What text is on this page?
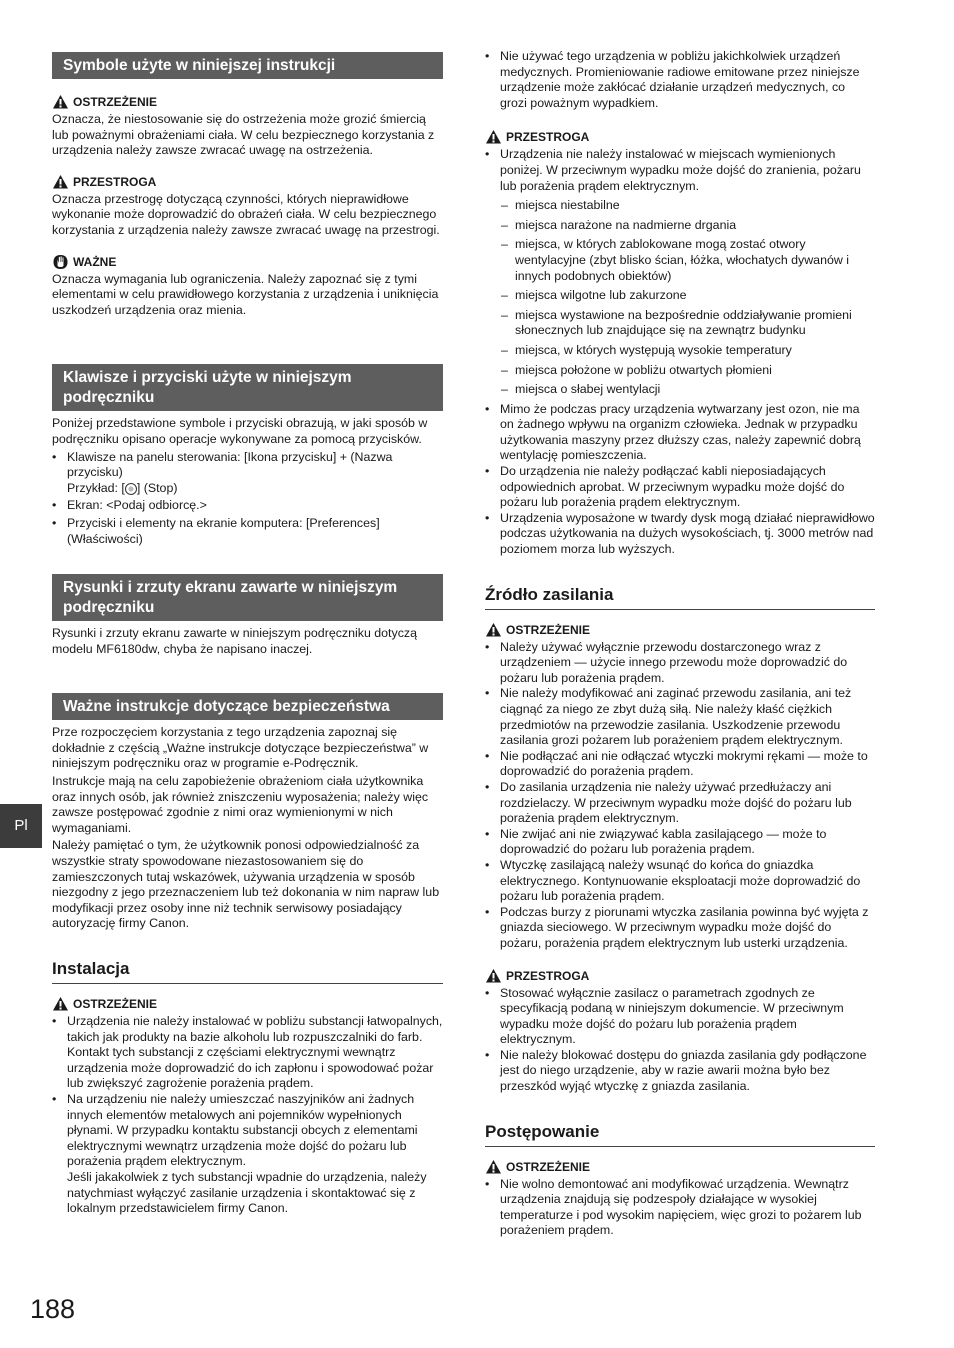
Pl
188
Symbole użyte w niniejszej instrukcji
OSTRZEŻENIE

Oznacza, że niestosowanie się do ostrzeżenia może grozić śmiercią lub poważnymi obrażeniami ciała. W celu bezpiecznego korzystania z urządzenia należy zawsze zwracać uwagę na ostrzeżenia.

PRZESTROGA

Oznacza przestrogę dotyczącą czynności, których nieprawidłowe wykonanie może doprowadzić do obrażeń ciała. W celu bezpiecznego korzystania z urządzenia należy zawsze zwracać uwagę na przestrogi.

WAŻNE

Oznacza wymagania lub ograniczenia. Należy zapoznać się z tymi elementami w celu prawidłowego korzystania z urządzenia i uniknięcia uszkodzeń urządzenia oraz mienia.

Klawisze i przyciski użyte w niniejszym podręczniku

Poniżej przedstawione symbole i przyciski obrazują, w jaki sposób w podręczniku opisano operacje wykonywane za pomocą przycisków.

• Klawisze na panelu sterowania: [Ikona przycisku] + (Nazwa przycisku)
Przykład: [ ] (Stop)
• Ekran: <Podaj odbiorcę.>
• Przyciski i elementy na ekranie komputera: [Preferences] (Właściwości)
Rysunki i zrzuty ekranu zawarte w niniejszym podręczniku

Rysunki i zrzuty ekranu zawarte w niniejszym podręczniku dotyczą modelu MF6180dw, chyba że napisano inaczej.

Ważne instrukcje dotyczące bezpieczeństwa

Prze rozpoczęciem korzystania z tego urządzenia zapoznaj się dokładnie z częścią „Ważne instrukcje dotyczące bezpieczeństwa” w niniejszym podręczniku oraz w programie e-Podręcznik.

Instrukcje mają na celu zapobieżenie obrażeniom ciała użytkownika oraz innych osób, jak również zniszczeniu wyposażenia; należy więc zawsze postępować zgodnie z nimi oraz wymienionymi w nich wymaganiami.

Należy pamiętać o tym, że użytkownik ponosi odpowiedzialność za wszystkie straty spowodowane niezastosowaniem się do zamieszczonych tutaj wskazówek, używania urządzenia w sposób niezgodny z jego przeznaczeniem lub też dokonania w nim napraw lub modyfikacji przez osoby inne niż technik serwisowy posiadający autoryzację firmy Canon.

Instalacja
OSTRZEŻENIE
• Urządzenia nie należy instalować w pobliżu substancji łatwopalnych, takich jak produkty na bazie alkoholu lub rozpuszczalniki do farb. Kontakt tych substancji z częściami elektrycznymi wewnątrz urządzenia może doprowadzić do ich zapłonu i spowodować pożar lub zwiększyć zagrożenie porażenia prądem.
• Na urządzeniu nie należy umieszczać naszyjników ani żadnych innych elementów metalowych ani pojemników wypełnionych płynami. W przypadku kontaktu substancji obcych z elementami elektrycznymi wewnątrz urządzenia może dojść do pożaru lub porażenia prądem elektrycznym.
Jeśli jakakolwiek z tych substancji wpadnie do urządzenia, należy natychmiast wyłączyć zasilanie urządzenia i skontaktować się z lokalnym przedstawicielem firmy Canon.
• Nie używać tego urządzenia w pobliżu jakichkolwiek urządzeń medycznych. Promieniowanie radiowe emitowane przez niniejsze urządzenie może zakłócać działanie urządzeń medycznych, co grozi poważnym wypadkiem.
PRZESTROGA
• Urządzenia nie należy instalować w miejscach wymienionych poniżej. W przeciwnym wypadku może dojść do zranienia, pożaru lub porażenia prądem elektrycznym.
– miejsca niestabilne
– miejsca narażone na nadmierne drgania
– miejsca, w których zablokowane mogą zostać otwory wentylacyjne (zbyt blisko ścian, łóżka, włochatych dywanów i innych podobnych obiektów)
– miejsca wilgotne lub zakurzone
– miejsca wystawione na bezpośrednie oddziaływanie promieni słonecznych lub znajdujące się na zewnątrz budynku
– miejsca, w których występują wysokie temperatury
– miejsca położone w pobliżu otwartych płomieni
– miejsca o słabej wentylacji
• Mimo że podczas pracy urządzenia wytwarzany jest ozon, nie ma on żadnego wpływu na organizm człowieka. Jednak w przypadku użytkowania maszyny przez dłuższy czas, należy zapewnić dobrą wentylację pomieszczenia.
• Do urządzenia nie należy podłączać kabli nieposiadających odpowiednich aprobat. W przeciwnym wypadku może dojść do pożaru lub porażenia prądem elektrycznym.
• Urządzenia wyposażone w twardy dysk mogą działać nieprawidłowo podczas użytkowania na dużych wysokościach, tj. 3000 metrów nad poziomem morza lub wyższych.
Źródło zasilania
OSTRZEŻENIE
• Należy używać wyłącznie przewodu dostarczonego wraz z urządzeniem — użycie innego przewodu może doprowadzić do pożaru lub porażenia prądem.
• Nie należy modyfikować ani zaginać przewodu zasilania, ani też ciągnąć za niego ze zbyt dużą siłą. Nie należy kłaść ciężkich przedmiotów na przewodzie zasilania. Uszkodzenie przewodu zasilania grozi pożarem lub porażeniem prądem elektrycznym.
• Nie podłączać ani nie odłączać wtyczki mokrymi rękami — może to doprowadzić do porażenia prądem.
• Do zasilania urządzenia nie należy używać przedłużaczy ani rozdzielaczy. W przeciwnym wypadku może dojść do pożaru lub porażenia prądem elektrycznym.
• Nie zwijać ani nie związywać kabla zasilającego — może to doprowadzić do pożaru lub porażenia prądem.
• Wtyczkę zasilającą należy wsunąć do końca do gniazdka elektrycznego. Kontynuowanie eksploatacji może doprowadzić do pożaru lub porażenia prądem.
• Podczas burzy z piorunami wtyczka zasilania powinna być wyjęta z gniazda sieciowego. W przeciwnym wypadku może dojść do pożaru, porażenia prądem elektrycznym lub usterki urządzenia.
PRZESTROGA
• Stosować wyłącznie zasilacz o parametrach zgodnych ze specyfikacją podaną w niniejszym dokumencie. W przeciwnym wypadku może dojść do pożaru lub porażenia prądem elektrycznym.
• Nie należy blokować dostępu do gniazda zasilania gdy podłączone jest do niego urządzenie, aby w razie awarii można było bez przeszkód wyjąć wtyczkę z gniazda zasilania.
Postępowanie
OSTRZEŻENIE
• Nie wolno demontować ani modyfikować urządzenia. Wewnątrz urządzenia znajdują się podzespoły działające w wysokiej temperaturze i pod wysokim napięciem, więc grozi to pożarem lub porażeniem prądem.
